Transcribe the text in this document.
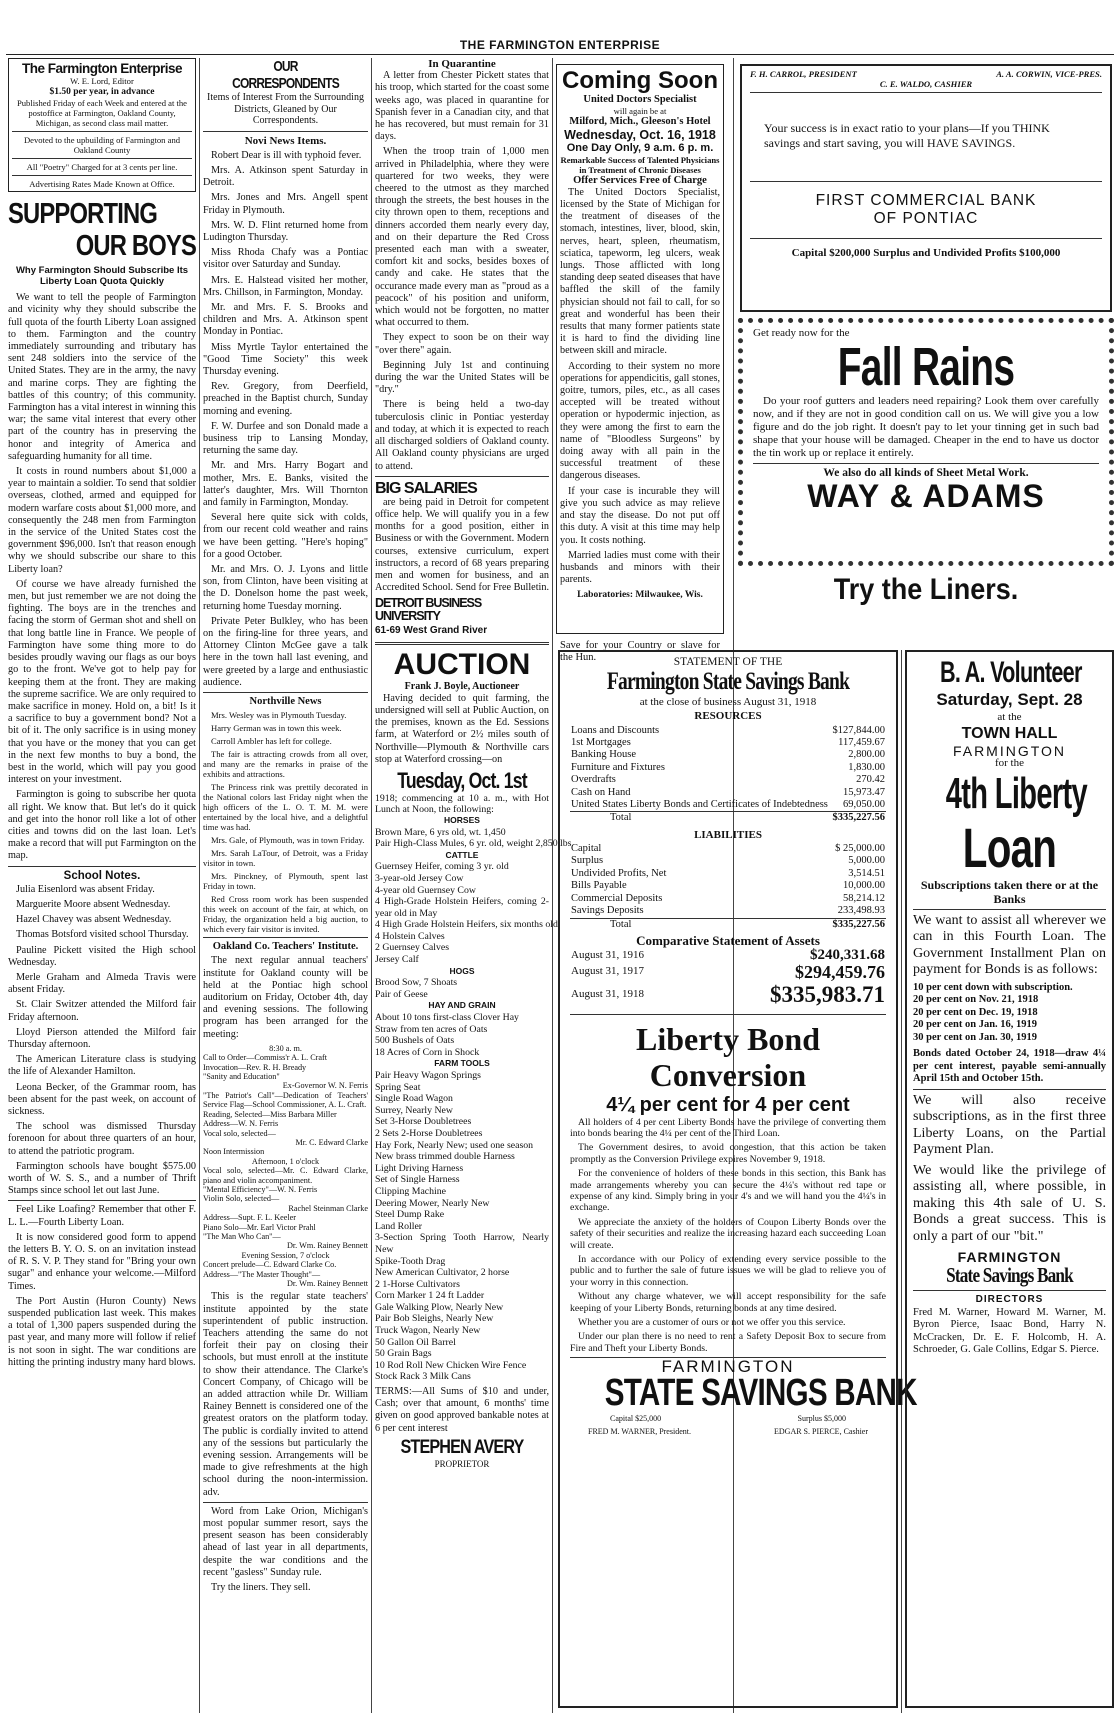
THE FARMINGTON ENTERPRISE
The Farmington Enterprise
W. E. Lord, Editor
$1.50 per year, in advance
Published Friday of each Week and entered at the postoffice at Farmington, Oakland County, Michigan, as second class mail matter.
Devoted to the upbuilding of Farmington and Oakland County
All "Poetry" Charged for at 3 cents per line.
Advertising Rates Made Known at Office.
SUPPORTING
OUR BOYS
Why Farmington Should Subscribe Its Liberty Loan Quota Quickly

We want to tell the people of Farmington and vicinity why they should subscribe the full quota of the fourth Liberty Loan assigned to them. Farmington and the country immediately surrounding and tributary has sent 248 soldiers into the service of the United States. They are in the army, the navy and marine corps. They are fighting the battles of this country; of this community. Farmington has a vital interest in winning this war; the same vital interest that every other part of the country has in preserving the honor and integrity of America and safeguarding humanity for all time.

It costs in round numbers about $1,000 a year to maintain a soldier. To send that soldier overseas, clothed, armed and equipped for modern warfare costs about $1,000 more, and consequently the 248 men from Farmington in the service of the United States cost the government $96,000. Isn't that reason enough why we should subscribe our share to this Liberty loan?

Of course we have already furnished the men, but just remember we are not doing the fighting. The boys are in the trenches and facing the storm of German shot and shell on that long battle line in France. We people of Farmington have some thing more to do besides proudly waving our flags as our boys go to the front. We've got to help pay for keeping them at the front. They are making the supreme sacrifice. We are only required to make sacrifice in money. Hold on, a bit! Is it a sacrifice to buy a government bond? Not a bit of it. The only sacrifice is in using money that you have or the money that you can get in the next few months to buy a bond, the best in the world, which will pay you good interest on your investment.

Farmington is going to subscribe her quota all right. We know that. But let's do it quick and get into the honor roll like a lot of other cities and towns did on the last loan. Let's make a record that will put Farmington on the map.

School Notes.

Julia Eisenlord was absent Friday.

Marguerite Moore absent Wednesday.

Hazel Chavey was absent Wednesday.

Thomas Botsford visited school Thursday.

Pauline Pickett visited the High school Wednesday.

Merle Graham and Almeda Travis were absent Friday.

St. Clair Switzer attended the Milford fair Friday afternoon.

Lloyd Pierson attended the Milford fair Thursday afternoon.

The American Literature class is studying the life of Alexander Hamilton.

Leona Becker, of the Grammar room, has been absent for the past week, on account of sickness.

The school was dismissed Thursday forenoon for about three quarters of an hour, to attend the patriotic program.

Farmington schools have bought $575.00 worth of W. S. S., and a number of Thrift Stamps since school let out last June.

Feel Like Loafing? Remember that other F. L. L.—Fourth Liberty Loan.

It is now considered good form to append the letters B. Y. O. S. on an invitation instead of R. S. V. P. They stand for "Bring your own sugar" and enhance your welcome.—Milford Times.

The Port Austin (Huron County) News suspended publication last week. This makes a total of 1,300 papers suspended during the past year, and many more will follow if relief is not soon in sight. The war conditions are hitting the printing industry many hard blows.

OUR CORRESPONDENTS
Items of Interest From the Surrounding Districts, Gleaned by Our Correspondents.
Novi News Items.

Robert Dear is ill with typhoid fever.

Mrs. A. Atkinson spent Saturday in Detroit.

Mrs. Jones and Mrs. Angell spent Friday in Plymouth.

Mrs. W. D. Flint returned home from Ludington Thursday.

Miss Rhoda Chafy was a Pontiac visitor over Saturday and Sunday.

Mrs. E. Halstead visited her mother, Mrs. Chillson, in Farmington, Monday.

Mr. and Mrs. F. S. Brooks and children and Mrs. A. Atkinson spent Monday in Pontiac.

Miss Myrtle Taylor entertained the "Good Time Society" this week Thursday evening.

Rev. Gregory, from Deerfield, preached in the Baptist church, Sunday morning and evening.

F. W. Durfee and son Donald made a business trip to Lansing Monday, returning the same day.

Mr. and Mrs. Harry Bogart and mother, Mrs. E. Banks, visited the latter's daughter, Mrs. Will Thornton and family in Farmington, Monday.

Several here quite sick with colds, from our recent cold weather and rains we have been getting. "Here's hoping" for a good October.

Mr. and Mrs. O. J. Lyons and little son, from Clinton, have been visiting at the D. Donelson home the past week, returning home Tuesday morning.

Private Peter Bulkley, who has been on the firing-line for three years, and Attorney Clinton McGee gave a talk here in the town hall last evening, and were greeted by a large and enthusiastic audience.

Northville News

Mrs. Wesley was in Plymouth Tuesday.

Harry German was in town this week.

Carroll Ambler has left for college.

The fair is attracting crowds from all over, and many are the remarks in praise of the exhibits and attractions.

The Princess rink was prettily decorated in the National colors last Friday night when the high officers of the L. O. T. M. M. were entertained by the local hive, and a delightful time was had.

Mrs. Gale, of Plymouth, was in town Friday.

Mrs. Sarah LaTour, of Detroit, was a Friday visitor in town.

Mrs. Pinckney, of Plymouth, spent last Friday in town.

Red Cross room work has been suspended this week on account of the fair, at which, on Friday, the organization held a big auction, to which every fair visitor is invited.

Oakland Co. Teachers' Institute.

The next regular annual teachers' institute for Oakland county will be held at the Pontiac high school auditorium on Friday, October 4th, day and evening sessions. The following program has been arranged for the meeting:

8:30 a. m.
Call to Order—Commiss'r A. L. Craft
Invocation—Rev. R. H. Bready
"Sanity and Education"
Ex-Governor W. N. Ferris
"The Patriot's Call"—Dedication of Teachers' Service Flag—School Commissioner, A. L. Craft.
Reading, Selected—Miss Barbara Miller
Address—W. N. Ferris
Vocal solo, selected—
Mr. C. Edward Clarke
Noon Intermission
Afternoon, 1 o'clock
Vocal solo, selected—Mr. C. Edward Clarke, piano and violin accompaniment.
"Mental Efficiency"—W. N. Ferris
Violin Solo, selected—
Rachel Steinman Clarke
Address—Supt. F. L. Keeler
Piano Solo—Mr. Earl Victor Prahl
"The Man Who Can"—
Dr. Wm. Rainey Bennett
Evening Session, 7 o'clock
Concert prelude—C. Edward Clarke Co.
Address—"The Master Thought"—
Dr. Wm. Rainey Bennett

This is the regular state teachers' institute appointed by the state superintendent of public instruction. Teachers attending the same do not forfeit their pay on closing their schools, but must enroll at the institute to show their attendance. The Clarke's Concert Company, of Chicago will be an added attraction while Dr. William Rainey Bennett is considered one of the greatest orators on the platform today. The public is cordially invited to attend any of the sessions but particularly the evening session. Arrangements will be made to give refreshments at the high school during the noon-intermission. adv.

Word from Lake Orion, Michigan's most popular summer resort, says the present season has been considerably ahead of last year in all departments, despite the war conditions and the recent "gasless" Sunday rule.

Try the liners. They sell.

In Quarantine

A letter from Chester Pickett states that his troop, which started for the coast some weeks ago, was placed in quarantine for Spanish fever in a Canadian city, and that he has recovered, but must remain for 31 days.

When the troop train of 1,000 men arrived in Philadelphia, where they were quartered for two weeks, they were cheered to the utmost as they marched through the streets, the best houses in the city thrown open to them, receptions and dinners accorded them nearly every day, and on their departure the Red Cross presented each man with a sweater, comfort kit and socks, besides boxes of candy and cake. He states that the occurance made every man as "proud as a peacock" of his position and uniform, which would not be forgotten, no matter what occurred to them.

They expect to soon be on their way "over there" again.

Beginning July 1st and continuing during the war the United States will be "dry."

There is being held a two-day tuberculosis clinic in Pontiac yesterday and today, at which it is expected to reach all discharged soldiers of Oakland county. All Oakland county physicians are urged to attend.

BIG SALARIES

are being paid in Detroit for competent office help. We will qualify you in a few months for a good position, either in Business or with the Government. Modern courses, extensive curriculum, expert instructors, a record of 68 years preparing men and women for business, and an Accredited School. Send for Free Bulletin.

DETROIT BUSINESS
UNIVERSITY
61-69 West Grand River
AUCTION
Frank J. Boyle, Auctioneer

Having decided to quit farming, the undersigned will sell at Public Auction, on the premises, known as the Ed. Sessions farm, at Waterford or 2½ miles south of Northville—Plymouth & Northville cars stop at Waterford crossing—on

Tuesday, Oct. 1st
1918; commencing at 10 a. m., with Hot Lunch at Noon, the following:
HORSES
Brown Mare, 6 yrs old, wt. 1,450
Pair High-Class Mules, 6 yr. old, weight 2,850 lbs
CATTLE
Guernsey Heifer, coming 3 yr. old
3-year-old Jersey Cow
4-year old Guernsey Cow
4 High-Grade Holstein Heifers, coming 2-year old in May
4 High Grade Holstein Heifers, six months old
4 Holstein Calves
2 Guernsey Calves
Jersey Calf
HOGS
Brood Sow, 7 Shoats
Pair of Geese
HAY AND GRAIN
About 10 tons first-class Clover Hay
Straw from ten acres of Oats
500 Bushels of Oats
18 Acres of Corn in Shock
FARM TOOLS
Pair Heavy Wagon Springs
Spring Seat
Single Road Wagon
Surrey, Nearly New
Set 3-Horse Doubletrees
2 Sets 2-Horse Doubletrees
Hay Fork, Nearly New; used one season
New brass trimmed double Harness
Light Driving Harness
Set of Single Harness
Clipping Machine
Deering Mower, Nearly New
Steel Dump Rake
Land Roller
3-Section Spring Tooth Harrow, Nearly New
Spike-Tooth Drag
New American Cultivator, 2 horse
2 1-Horse Cultivators
Corn Marker 1 24 ft Ladder
Gale Walking Plow, Nearly New
Pair Bob Sleighs, Nearly New
Truck Wagon, Nearly New
50 Gallon Oil Barrel
50 Grain Bags
10 Rod Roll New Chicken Wire Fence
Stock Rack 3 Milk Cans

TERMS:—All Sums of $10 and under, Cash; over that amount, 6 months' time given on good approved bankable notes at 6 per cent interest

STEPHEN AVERY
PROPRIETOR
Coming Soon
United Doctors Specialist
will again be at
Milford, Mich., Gleeson's Hotel
Wednesday, Oct. 16, 1918
One Day Only, 9 a.m. 6 p. m.
Remarkable Success of Talented Physicians in Treatment of Chronic Diseases
Offer Services Free of Charge

The United Doctors Specialist, licensed by the State of Michigan for the treatment of diseases of the stomach, intestines, liver, blood, skin, nerves, heart, spleen, rheumatism, sciatica, tapeworm, leg ulcers, weak lungs. Those afflicted with long standing deep seated diseases that have baffled the skill of the family physician should not fail to call, for so great and wonderful has been their results that many former patients state it is hard to find the dividing line between skill and miracle.

According to their system no more operations for appendicitis, gall stones, goitre, tumors, piles, etc., as all cases accepted will be treated without operation or hypodermic injection, as they were among the first to earn the name of "Bloodless Surgeons" by doing away with all pain in the successful treatment of these dangerous diseases.

If your case is incurable they will give you such advice as may relieve and stay the disease. Do not put off this duty. A visit at this time may help you. It costs nothing.

Married ladies must come with their husbands and minors with their parents.

Laboratories: Milwaukee, Wis.
Save for your Country or slave for the Hun.
F. H. CARROL, PRESIDENT	A. A. CORWIN, VICE-PRES.
C. E. WALDO, CASHIER
Your success is in exact ratio to your plans—If you THINK savings and start saving, you will HAVE SAVINGS.
FIRST COMMERCIAL BANK
OF PONTIAC
Capital $200,000 Surplus and Undivided Profits $100,000
Get ready now for the
Fall Rains
Do your roof gutters and leaders need repairing? Look them over carefully now, and if they are not in good condition call on us. We will give you a low figure and do the job right. It doesn't pay to let your tinning get in such bad shape that your house will be damaged. Cheaper in the end to have us doctor the tin work up or replace it entirely.
We also do all kinds of Sheet Metal Work.
WAY & ADAMS
Try the Liners.
STATEMENT OF THE
Farmington State Savings Bank
at the close of business August 31, 1918
RESOURCES
Loans and Discounts	$127,844.00
1st Mortgages	117,459.67
Banking House	2,800.00
Furniture and Fixtures	1,830.00
Overdrafts	270.42
Cash on Hand	15,973.47
United States Liberty Bonds and Certificates of Indebtedness	69,050.00
Total	$335,227.56
LIABILITIES
Capital	$ 25,000.00
Surplus	5,000.00
Undivided Profits, Net	3,514.51
Bills Payable	10,000.00
Commercial Deposits	58,214.12
Savings Deposits	233,498.93
Total	$335,227.56
Comparative Statement of Assets
August 31, 1916	$240,331.68
August 31, 1917	$294,459.76
August 31, 1918	$335,983.71
Liberty Bond
Conversion
4¼ per cent for 4 per cent

All holders of 4 per cent Liberty Bonds have the privilege of converting them into bonds bearing the 4¼ per cent of the Third Loan.

The Government desires, to avoid congestion, that this action be taken promptly as the Conversion Privilege expires November 9, 1918.

For the convenience of holders of these bonds in this section, this Bank has made arrangements whereby you can secure the 4¼'s without red tape or expense of any kind. Simply bring in your 4's and we will hand you the 4¼'s in exchange.

We appreciate the anxiety of the holders of Coupon Liberty Bonds over the safety of their securities and realize the increasing hazard each succeeding Loan will create.

In accordance with our Policy of extending every service possible to the public and to further the sale of future issues we will be glad to relieve you of your worry in this connection.

Without any charge whatever, we will accept responsibility for the safe keeping of your Liberty Bonds, returning bonds at any time desired.

Whether you are a customer of ours or not we offer you this service.

Under our plan there is no need to rent a Safety Deposit Box to secure from Fire and Theft your Liberty Bonds.

FARMINGTON
STATE SAVINGS BANK
Capital $25,000	Surplus $5,000
FRED M. WARNER, President.	EDGAR S. PIERCE, Cashier
B. A. Volunteer
Saturday, Sept. 28
at the
TOWN HALL
FARMINGTON
for the
4th Liberty
Loan
Subscriptions taken there or at the Banks
We want to assist all wherever we can in this Fourth Loan. The Government Installment Plan on payment for Bonds is as follows:
10 per cent down with subscription.
20 per cent on Nov. 21, 1918
20 per cent on Dec. 19, 1918
20 per cent on Jan. 16, 1919
30 per cent on Jan. 30, 1919
Bonds dated October 24, 1918—draw 4¼ per cent interest, payable semi-annually April 15th and October 15th.
We will also receive subscriptions, as in the first three Liberty Loans, on the Partial Payment Plan.
We would like the privilege of assisting all, where possible, in making this 4th sale of U. S. Bonds a great success. This is only a part of our "bit."
FARMINGTON
State Savings Bank
DIRECTORS
Fred M. Warner, Howard M. Warner, M. Byron Pierce, Isaac Bond, Harry N. McCracken, Dr. E. F. Holcomb, H. A. Schroeder, G. Gale Collins, Edgar S. Pierce.
